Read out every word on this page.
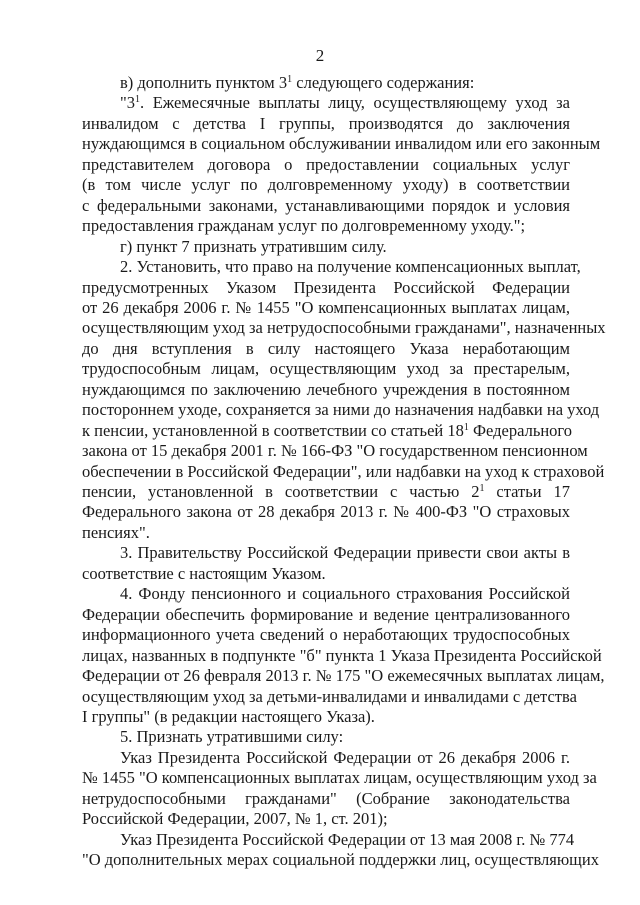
2
в) дополнить пунктом $3^1$ следующего содержания:
"$3^1$. Ежемесячные выплаты лицу, осуществляющему уход за
инвалидом с детства I группы, производятся до заключения
нуждающимся в социальном обслуживании инвалидом или его законным
представителем договора о предоставлении социальных услуг
(в том числе услуг по долговременному уходу) в соответствии
с федеральными законами, устанавливающими порядок и условия
предоставления гражданам услуг по долговременному уходу.";
г) пункт 7 признать утратившим силу.
2. Установить, что право на получение компенсационных выплат,
предусмотренных Указом Президента Российской Федерации
от 26 декабря 2006 г. № 1455 "О компенсационных выплатах лицам,
осуществляющим уход за нетрудоспособными гражданами", назначенных
до дня вступления в силу настоящего Указа неработающим
трудоспособным лицам, осуществляющим уход за престарелым,
нуждающимся по заключению лечебного учреждения в постоянном
постороннем уходе, сохраняется за ними до назначения надбавки на уход
к пенсии, установленной в соответствии со статьей $18^1$ Федерального
закона от 15 декабря 2001 г. № 166-ФЗ "О государственном пенсионном
обеспечении в Российской Федерации", или надбавки на уход к страховой
пенсии, установленной в соответствии с частью $2^1$ статьи 17
Федерального закона от 28 декабря 2013 г. № 400-ФЗ "О страховых
пенсиях".
3. Правительству Российской Федерации привести свои акты в
соответствие с настоящим Указом.
4. Фонду пенсионного и социального страхования Российской
Федерации обеспечить формирование и ведение централизованного
информационного учета сведений о неработающих трудоспособных
лицах, названных в подпункте "б" пункта 1 Указа Президента Российской
Федерации от 26 февраля 2013 г. № 175 "О ежемесячных выплатах лицам,
осуществляющим уход за детьми-инвалидами и инвалидами с детства
I группы" (в редакции настоящего Указа).
5. Признать утратившими силу:
Указ Президента Российской Федерации от 26 декабря 2006 г.
№ 1455 "О компенсационных выплатах лицам, осуществляющим уход за
нетрудоспособными гражданами" (Собрание законодательства
Российской Федерации, 2007, № 1, ст. 201);
Указ Президента Российской Федерации от 13 мая 2008 г. № 774
"О дополнительных мерах социальной поддержки лиц, осуществляющих
